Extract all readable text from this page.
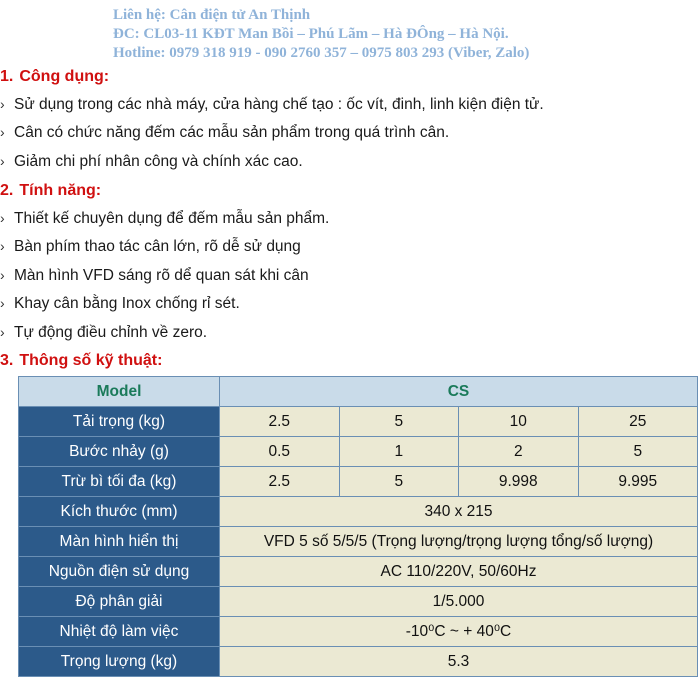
Liên hệ: Cân điện tử An Thịnh
ĐC: CL03-11 KĐT Man Bồi – Phú Lãm – Hà ĐÔng – Hà Nội.
Hotline: 0979 318 919 - 090 2760 357 – 0975 803 293 (Viber, Zalo)
1. Công dụng:
› Sử dụng trong các nhà máy, cửa hàng chế tạo : ốc vít, đinh, linh kiện điện tử.
› Cân có chức năng đếm các mẫu sản phẩm trong quá trình cân.
› Giảm chi phí nhân công và chính xác cao.
2. Tính năng:
› Thiết kế chuyên dụng để đếm mẫu sản phẩm.
› Bàn phím thao tác cân lớn, rõ dễ sử dụng
› Màn hình VFD sáng rõ dể quan sát khi cân
› Khay cân bằng Inox chống rỉ sét.
› Tự động điều chỉnh về zero.
3. Thông số kỹ thuật:
Model	CS			
Tải trọng (kg)	2.5	5	10	25
Bước nhảy (g)	0.5	1	2	5
Trừ bì tối đa (kg)	2.5	5	9.998	9.995
Kích thước (mm)	340 x 215			
Màn hình hiển thị	VFD 5 số 5/5/5 (Trọng lượng/trọng lượng tổng/số lượng)			
Nguồn điện sử dụng	AC 110/220V, 50/60Hz			
Độ phân giải	1/5.000			
Nhiệt độ làm việc	-10⁰C ~ + 40⁰C			
Trọng lượng (kg)	5.3			
